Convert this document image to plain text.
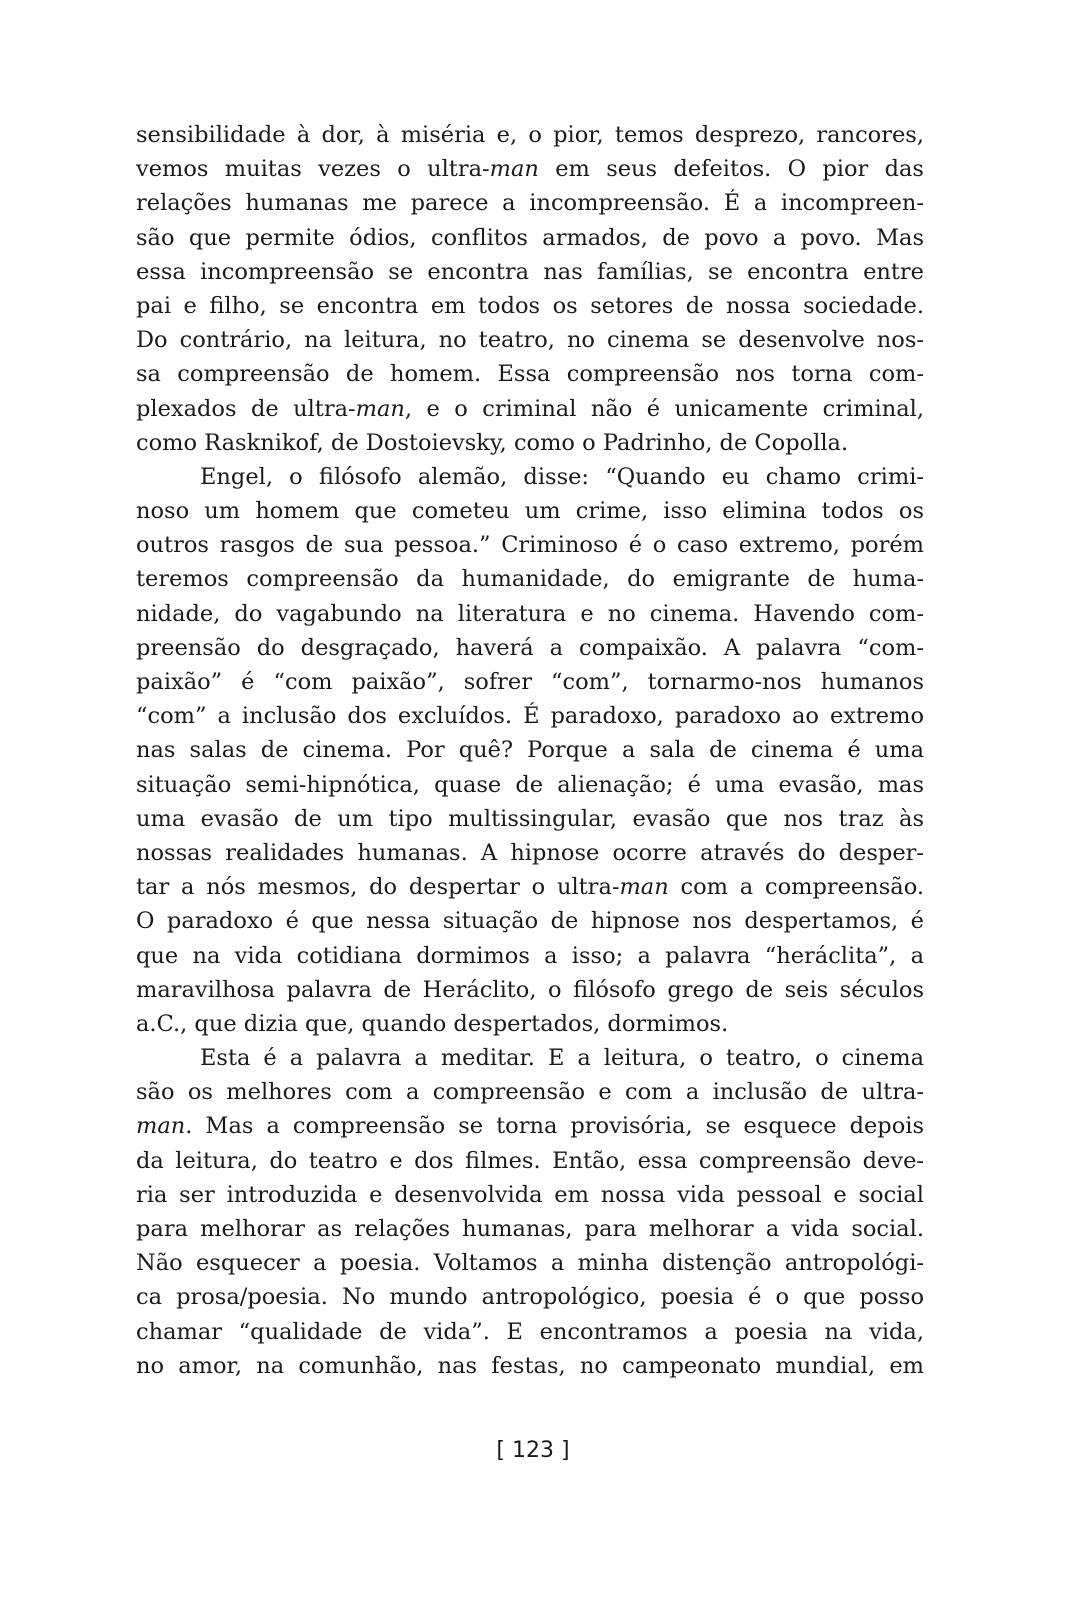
sensibilidade à dor, à miséria e, o pior, temos desprezo, rancores,
vemos muitas vezes o ultra-man em seus defeitos. O pior das
relações humanas me parece a incompreensão. É a incompreen-
são que permite ódios, conflitos armados, de povo a povo. Mas
essa incompreensão se encontra nas famílias, se encontra entre
pai e filho, se encontra em todos os setores de nossa sociedade.
Do contrário, na leitura, no teatro, no cinema se desenvolve nos-
sa compreensão de homem. Essa compreensão nos torna com-
plexados de ultra-man, e o criminal não é unicamente criminal,
como Rasknikof, de Dostoievsky, como o Padrinho, de Copolla.
Engel, o filósofo alemão, disse: “Quando eu chamo crimi-
noso um homem que cometeu um crime, isso elimina todos os
outros rasgos de sua pessoa.” Criminoso é o caso extremo, porém
teremos compreensão da humanidade, do emigrante de huma-
nidade, do vagabundo na literatura e no cinema. Havendo com-
preensão do desgraçado, haverá a compaixão. A palavra “com-
paixão” é “com paixão”, sofrer “com”, tornarmo-nos humanos
“com” a inclusão dos excluídos. É paradoxo, paradoxo ao extremo
nas salas de cinema. Por quê? Porque a sala de cinema é uma
situação semi-hipnótica, quase de alienação; é uma evasão, mas
uma evasão de um tipo multissingular, evasão que nos traz às
nossas realidades humanas. A hipnose ocorre através do desper-
tar a nós mesmos, do despertar o ultra-man com a compreensão.
O paradoxo é que nessa situação de hipnose nos despertamos, é
que na vida cotidiana dormimos a isso; a palavra “heráclita”, a
maravilhosa palavra de Heráclito, o filósofo grego de seis séculos
a.C., que dizia que, quando despertados, dormimos.
Esta é a palavra a meditar. E a leitura, o teatro, o cinema
são os melhores com a compreensão e com a inclusão de ultra-
man. Mas a compreensão se torna provisória, se esquece depois
da leitura, do teatro e dos filmes. Então, essa compreensão deve-
ria ser introduzida e desenvolvida em nossa vida pessoal e social
para melhorar as relações humanas, para melhorar a vida social.
Não esquecer a poesia. Voltamos a minha distenção antropológi-
ca prosa/poesia. No mundo antropológico, poesia é o que posso
chamar “qualidade de vida”. E encontramos a poesia na vida,
no amor, na comunhão, nas festas, no campeonato mundial, em
[ 123 ]
